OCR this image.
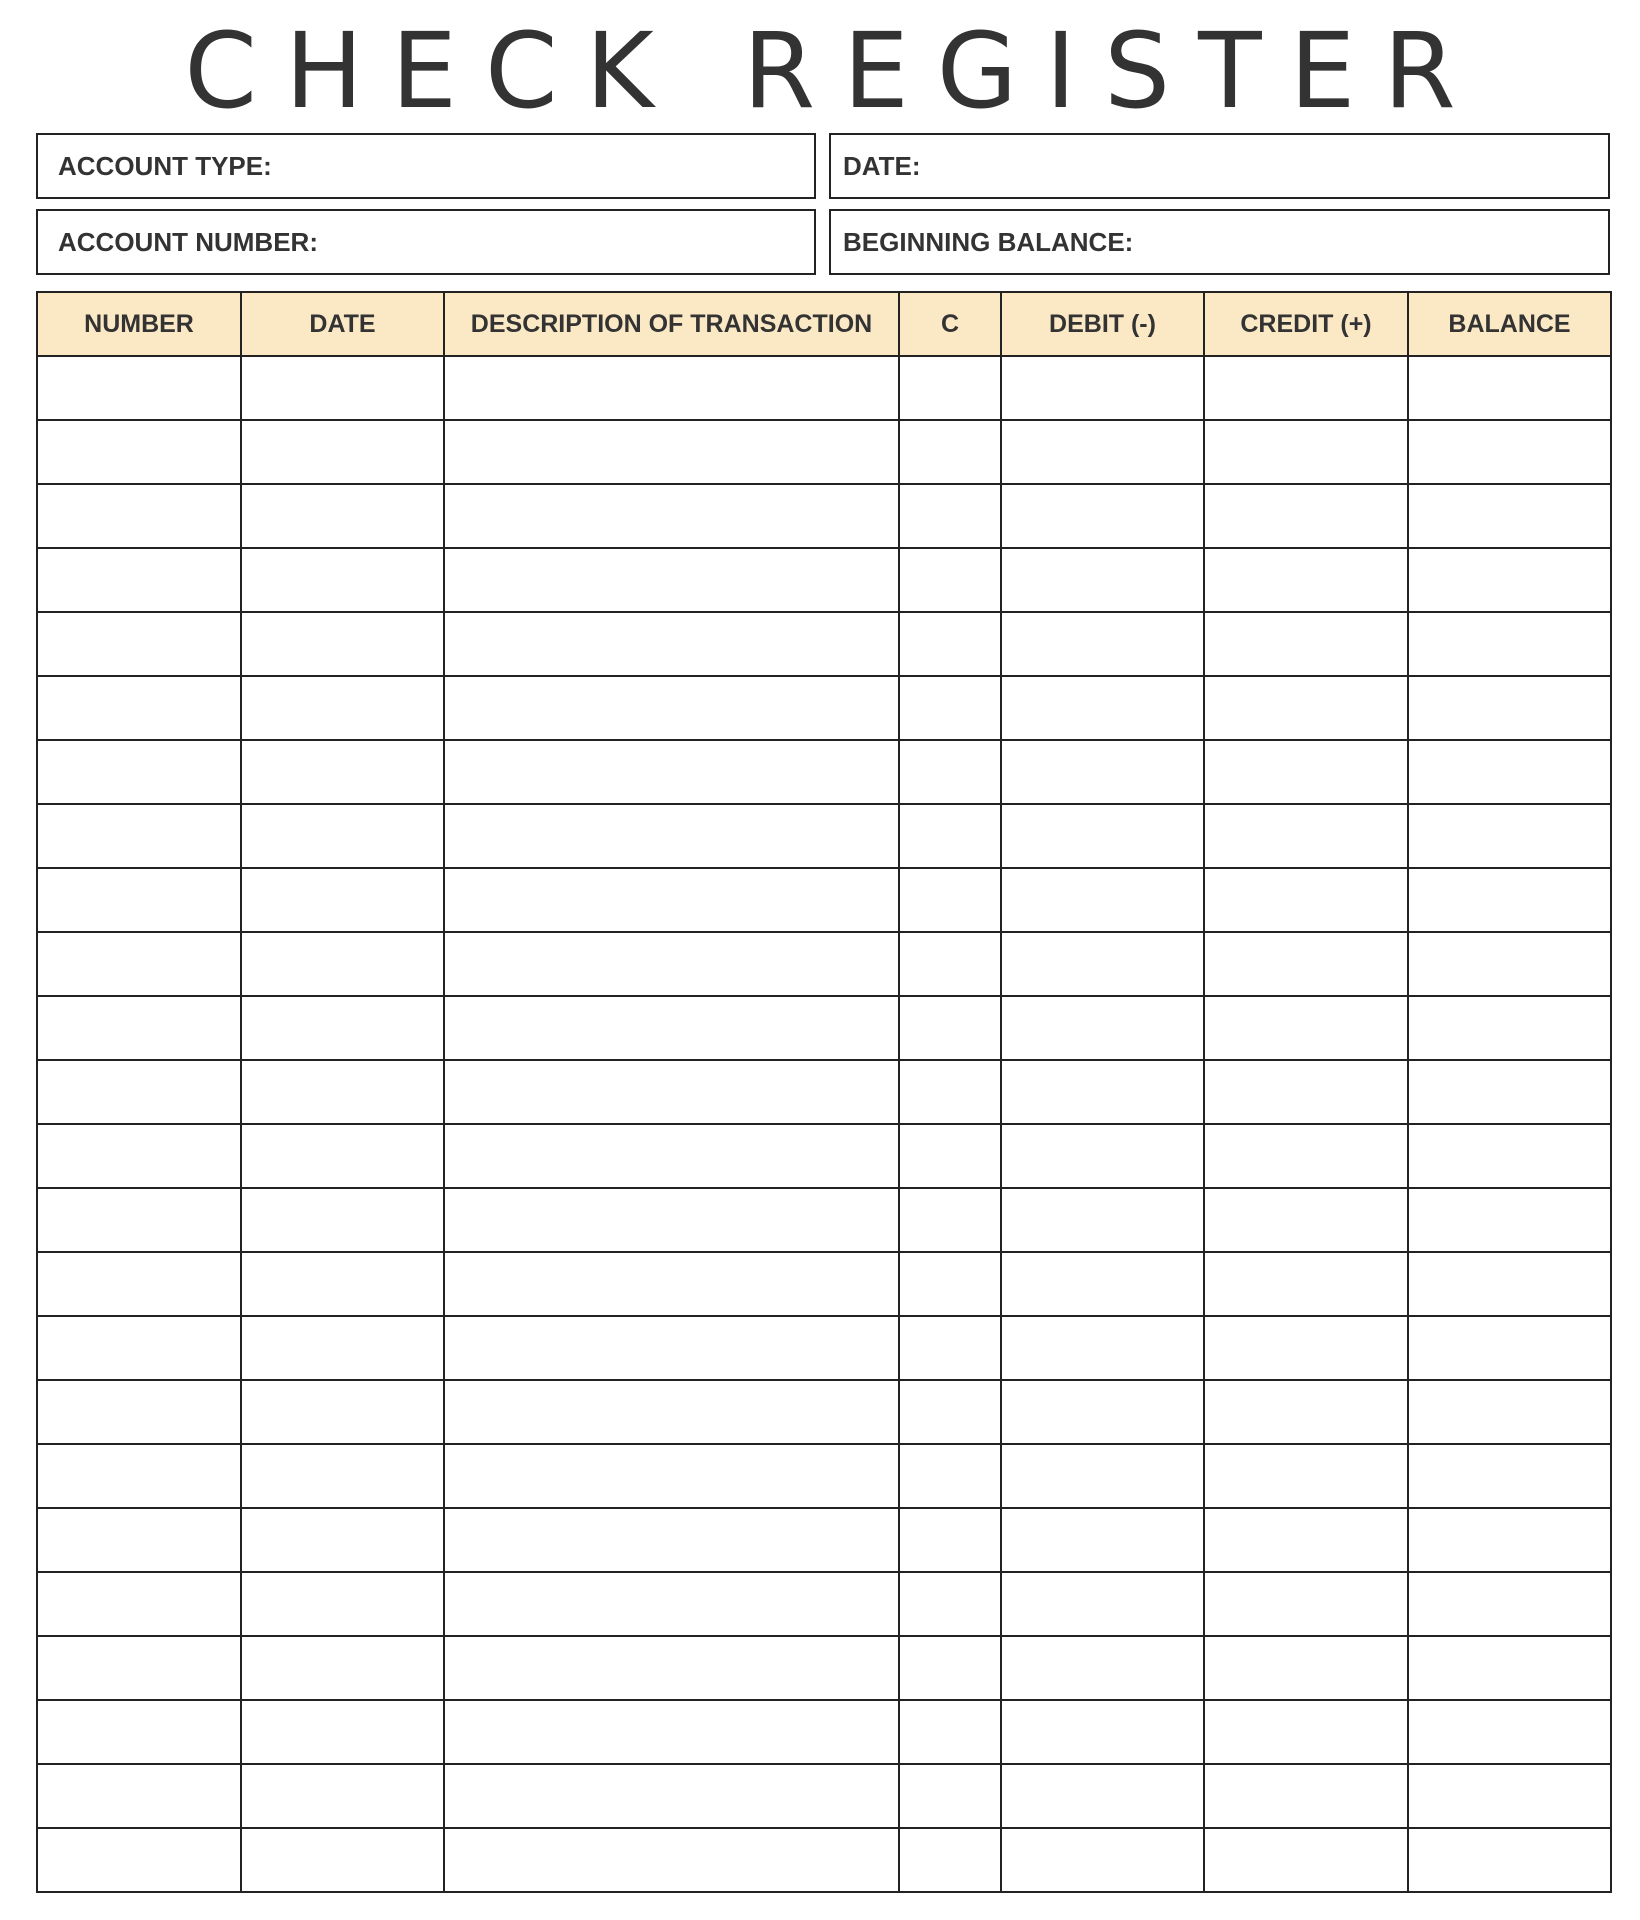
CHECK REGISTER
ACCOUNT TYPE:	DATE:
ACCOUNT NUMBER:	BEGINNING BALANCE:
NUMBER	DATE	DESCRIPTION OF TRANSACTION	C	DEBIT (-)	CREDIT (+)	BALANCE
